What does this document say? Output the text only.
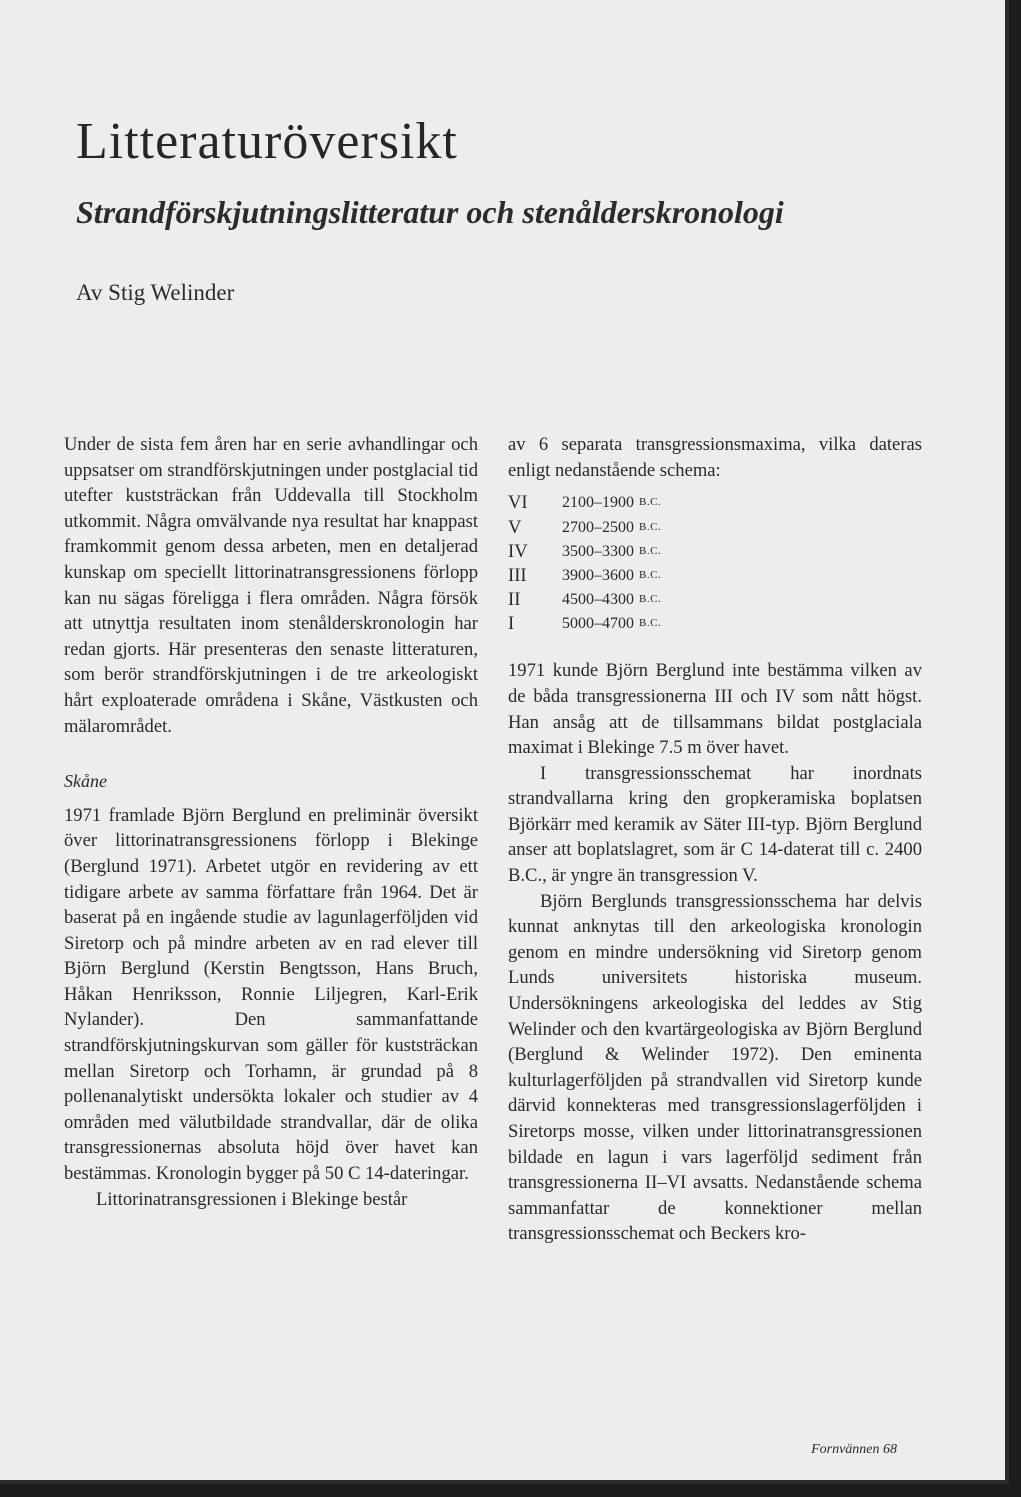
Litteraturöversikt
Strandförskjutningslitteratur och stenålderskronologi
Av Stig Welinder

Under de sista fem åren har en serie avhandlingar och uppsatser om strandförskjutningen under postglacial tid utefter kuststräckan från Uddevalla till Stockholm utkommit. Några omvälvande nya resultat har knappast framkommit genom dessa arbeten, men en detaljerad kunskap om speciellt littorinatransgressionens förlopp kan nu sägas föreligga i flera områden. Några försök att utnyttja resultaten inom stenålderskronologin har redan gjorts. Här presenteras den senaste litteraturen, som berör strandförskjutningen i de tre arkeologiskt hårt exploaterade områdena i Skåne, Västkusten och mälarområdet.

Skåne

1971 framlade Björn Berglund en preliminär översikt över littorinatransgressionens förlopp i Blekinge (Berglund 1971). Arbetet utgör en revidering av ett tidigare arbete av samma författare från 1964. Det är baserat på en ingående studie av lagunlagerföljden vid Siretorp och på mindre arbeten av en rad elever till Björn Berglund (Kerstin Bengtsson, Hans Bruch, Håkan Henriksson, Ronnie Liljegren, Karl-Erik Nylander). Den sammanfattande strandförskjutningskurvan som gäller för kuststräckan mellan Siretorp och Torhamn, är grundad på 8 pollenanalytiskt undersökta lokaler och studier av 4 områden med välutbildade strandvallar, där de olika transgressionernas absoluta höjd över havet kan bestämmas. Kronologin bygger på 50 C 14-dateringar.

Littorinatransgressionen i Blekinge består

av 6 separata transgressionsmaxima, vilka dateras enligt nedanstående schema:

VI	2100–1900 B.C.
V	2700–2500 B.C.
IV	3500–3300 B.C.
III	3900–3600 B.C.
II	4500–4300 B.C.
I	5000–4700 B.C.

1971 kunde Björn Berglund inte bestämma vilken av de båda transgressionerna III och IV som nått högst. Han ansåg att de tillsammans bildat postglaciala maximat i Blekinge 7.5 m över havet.

I transgressionsschemat har inordnats strandvallarna kring den gropkeramiska boplatsen Björkärr med keramik av Säter III-typ. Björn Berglund anser att boplatslagret, som är C 14-daterat till c. 2400 B.C., är yngre än transgression V.

Björn Berglunds transgressionsschema har delvis kunnat anknytas till den arkeologiska kronologin genom en mindre undersökning vid Siretorp genom Lunds universitets historiska museum. Undersökningens arkeologiska del leddes av Stig Welinder och den kvartärgeologiska av Björn Berglund (Berglund & Welinder 1972). Den eminenta kulturlagerföljden på strandvallen vid Siretorp kunde därvid konnekteras med transgressionslagerföljden i Siretorps mosse, vilken under littorinatransgressionen bildade en lagun i vars lagerföljd sediment från transgressionerna II–VI avsatts. Nedanstående schema sammanfattar de konnektioner mellan transgressionsschemat och Beckers kro-

Fornvännen 68
